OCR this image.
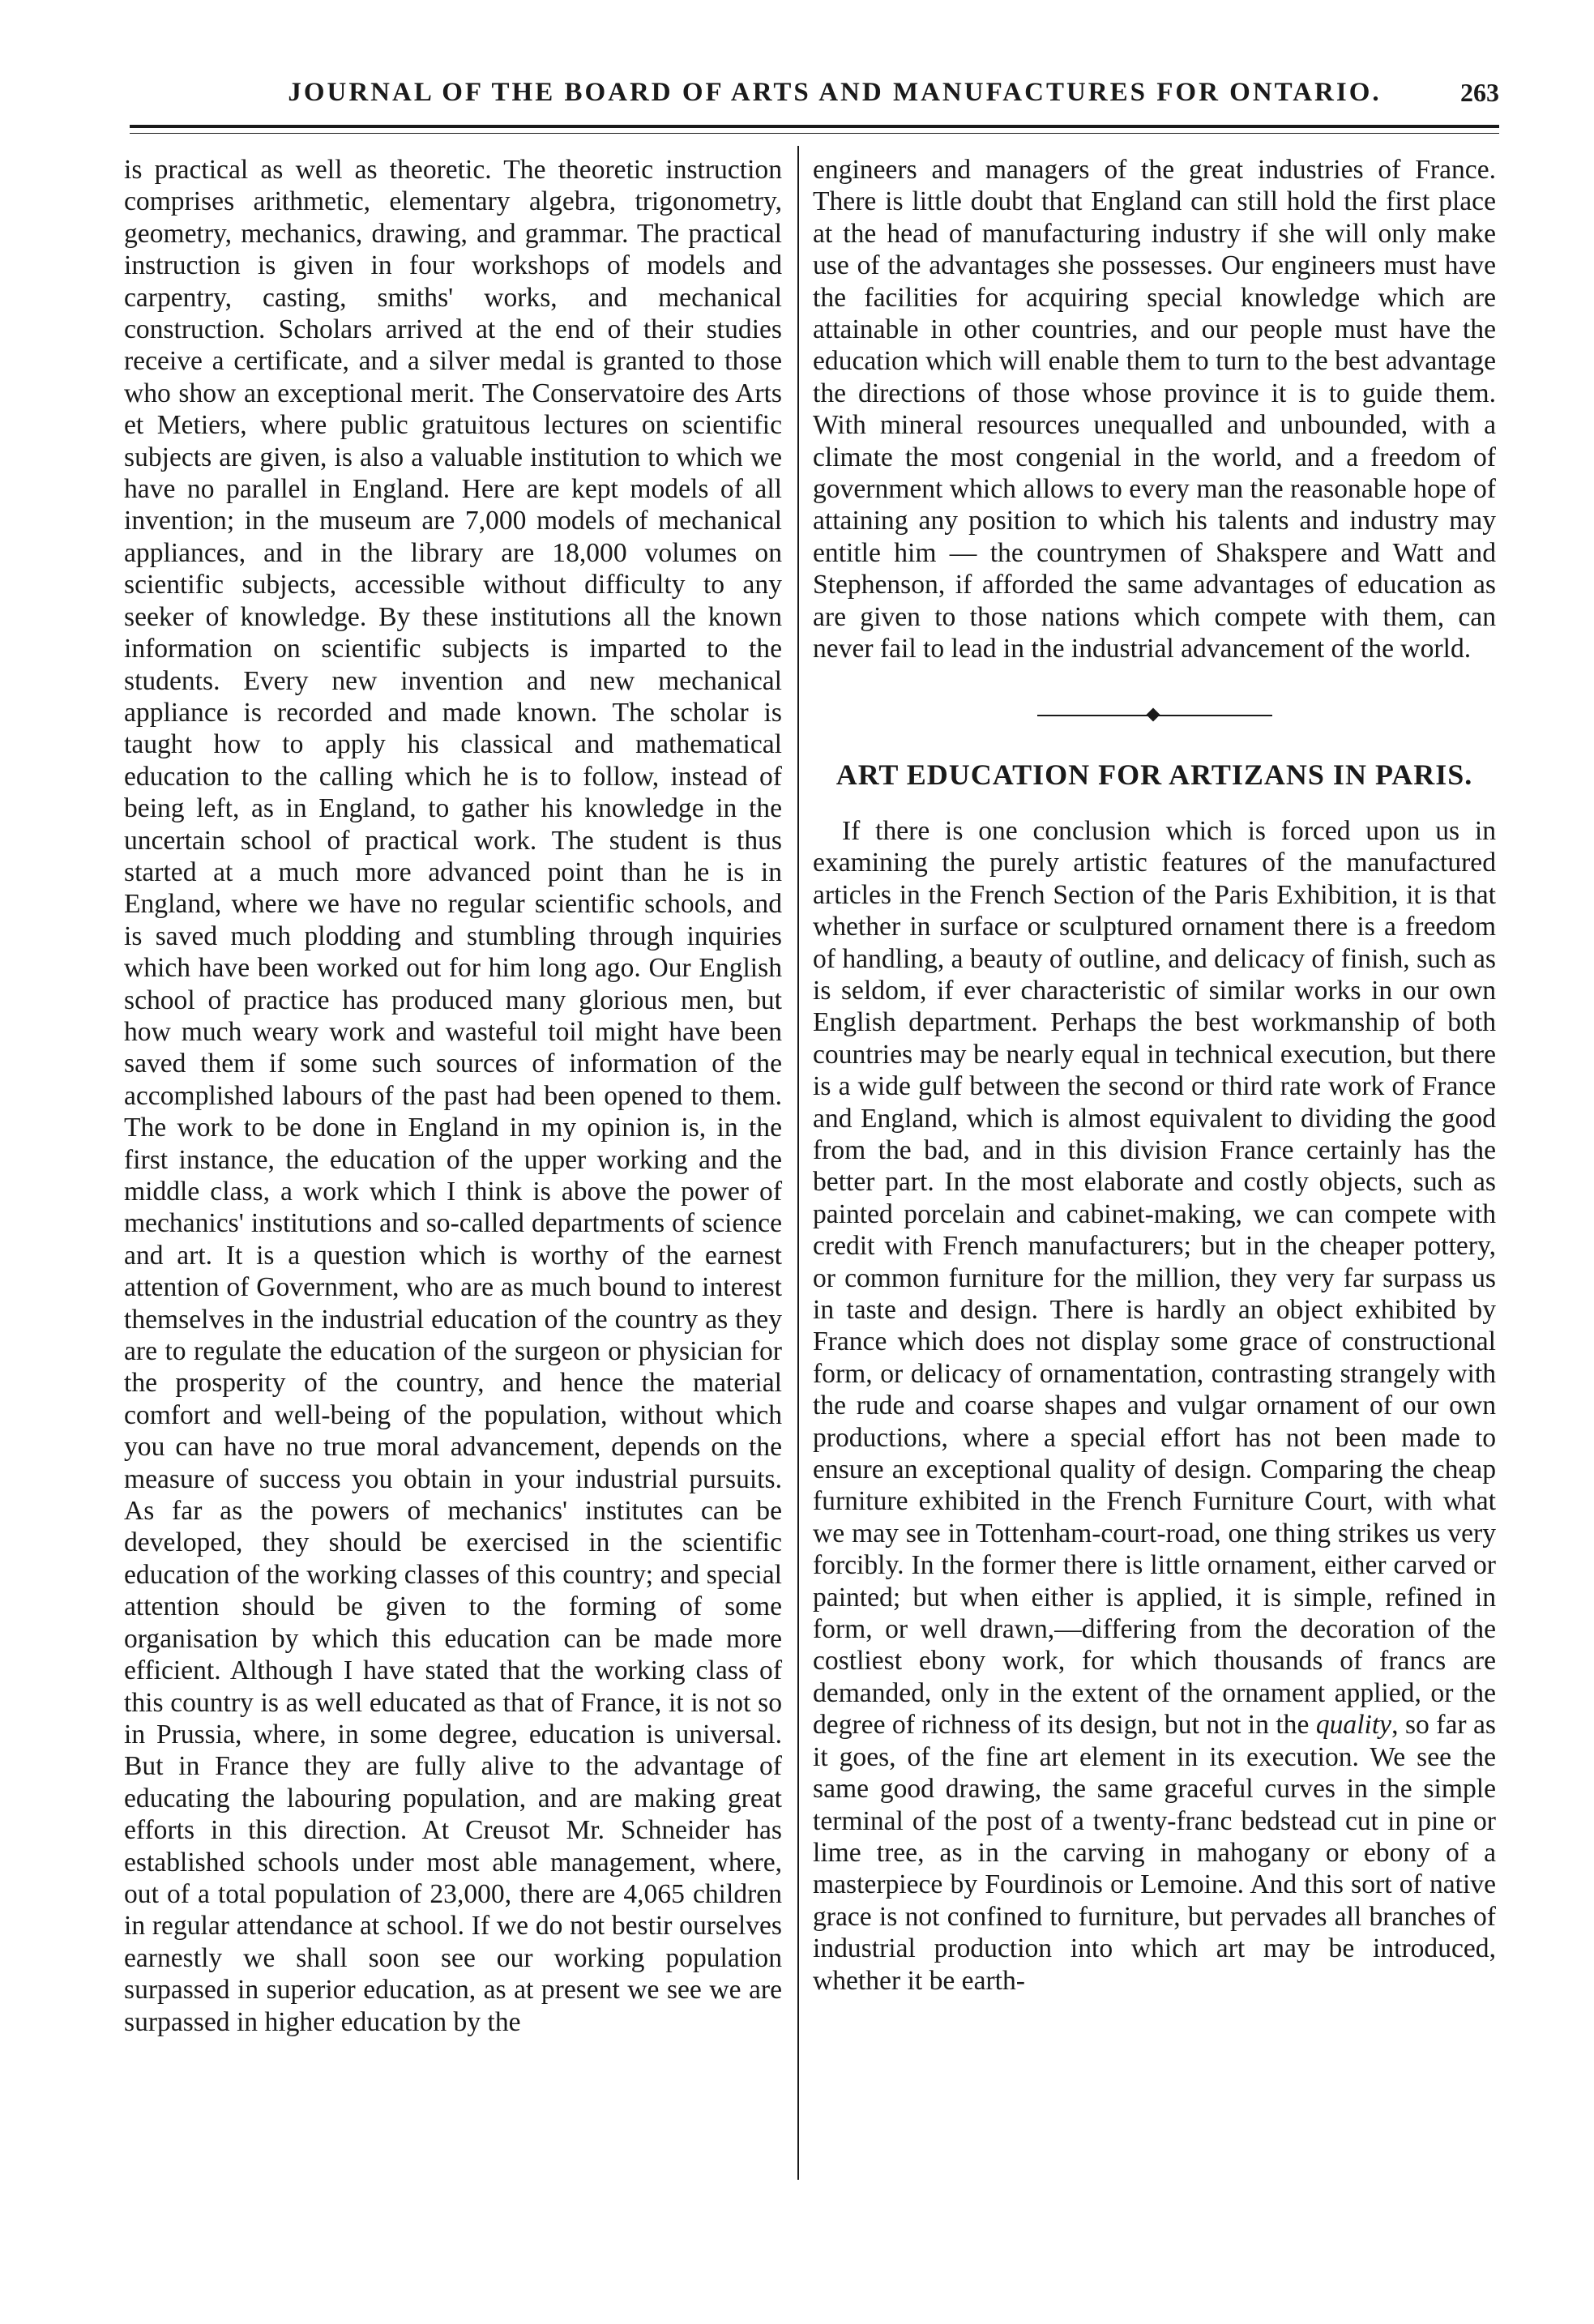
JOURNAL OF THE BOARD OF ARTS AND MANUFACTURES FOR ONTARIO.	263

is practical as well as theoretic. The theoretic instruction comprises arithmetic, elementary algebra, trigonometry, geometry, mechanics, drawing, and grammar. The practical instruction is given in four workshops of models and carpentry, casting, smiths' works, and mechanical construction. Scholars arrived at the end of their studies receive a certificate, and a silver medal is granted to those who show an exceptional merit. The Conservatoire des Arts et Metiers, where public gratuitous lectures on scientific subjects are given, is also a valuable institution to which we have no parallel in England. Here are kept models of all invention; in the museum are 7,000 models of mechanical appliances, and in the library are 18,000 volumes on scientific subjects, accessible without difficulty to any seeker of knowledge. By these institutions all the known information on scientific subjects is imparted to the students. Every new invention and new mechanical appliance is recorded and made known. The scholar is taught how to apply his classical and mathematical education to the calling which he is to follow, instead of being left, as in England, to gather his knowledge in the uncertain school of practical work. The student is thus started at a much more advanced point than he is in England, where we have no regular scientific schools, and is saved much plodding and stumbling through inquiries which have been worked out for him long ago. Our English school of practice has produced many glorious men, but how much weary work and wasteful toil might have been saved them if some such sources of information of the accomplished labours of the past had been opened to them. The work to be done in England in my opinion is, in the first instance, the education of the upper working and the middle class, a work which I think is above the power of mechanics' institutions and so-called departments of science and art. It is a question which is worthy of the earnest attention of Government, who are as much bound to interest themselves in the industrial education of the country as they are to regulate the education of the surgeon or physician for the prosperity of the country, and hence the material comfort and well-being of the population, without which you can have no true moral advancement, depends on the measure of success you obtain in your industrial pursuits. As far as the powers of mechanics' institutes can be developed, they should be exercised in the scientific education of the working classes of this country; and special attention should be given to the forming of some organisation by which this education can be made more efficient. Although I have stated that the working class of this country is as well educated as that of France, it is not so in Prussia, where, in some degree, education is universal. But in France they are fully alive to the advantage of educating the labouring population, and are making great efforts in this direction. At Creusot Mr. Schneider has established schools under most able management, where, out of a total population of 23,000, there are 4,065 children in regular attendance at school. If we do not bestir ourselves earnestly we shall soon see our working population surpassed in superior education, as at present we see we are surpassed in higher education by the

engineers and managers of the great industries of France. There is little doubt that England can still hold the first place at the head of manufacturing industry if she will only make use of the advantages she possesses. Our engineers must have the facilities for acquiring special knowledge which are attainable in other countries, and our people must have the education which will enable them to turn to the best advantage the directions of those whose province it is to guide them. With mineral resources unequalled and unbounded, with a climate the most congenial in the world, and a freedom of government which allows to every man the reasonable hope of attaining any position to which his talents and industry may entitle him — the countrymen of Shakspere and Watt and Stephenson, if afforded the same advantages of education as are given to those nations which compete with them, can never fail to lead in the industrial advancement of the world.

ART EDUCATION FOR ARTIZANS IN PARIS.

If there is one conclusion which is forced upon us in examining the purely artistic features of the manufactured articles in the French Section of the Paris Exhibition, it is that whether in surface or sculptured ornament there is a freedom of handling, a beauty of outline, and delicacy of finish, such as is seldom, if ever characteristic of similar works in our own English department. Perhaps the best workmanship of both countries may be nearly equal in technical execution, but there is a wide gulf between the second or third rate work of France and England, which is almost equivalent to dividing the good from the bad, and in this division France certainly has the better part. In the most elaborate and costly objects, such as painted porcelain and cabinet-making, we can compete with credit with French manufacturers; but in the cheaper pottery, or common furniture for the million, they very far surpass us in taste and design. There is hardly an object exhibited by France which does not display some grace of constructional form, or delicacy of ornamentation, contrasting strangely with the rude and coarse shapes and vulgar ornament of our own productions, where a special effort has not been made to ensure an exceptional quality of design. Comparing the cheap furniture exhibited in the French Furniture Court, with what we may see in Tottenham-court-road, one thing strikes us very forcibly. In the former there is little ornament, either carved or painted; but when either is applied, it is simple, refined in form, or well drawn,—differing from the decoration of the costliest ebony work, for which thousands of francs are demanded, only in the extent of the ornament applied, or the degree of richness of its design, but not in the quality, so far as it goes, of the fine art element in its execution. We see the same good drawing, the same graceful curves in the simple terminal of the post of a twenty-franc bedstead cut in pine or lime tree, as in the carving in mahogany or ebony of a masterpiece by Fourdinois or Lemoine. And this sort of native grace is not confined to furniture, but pervades all branches of industrial production into which art may be introduced, whether it be earth-
